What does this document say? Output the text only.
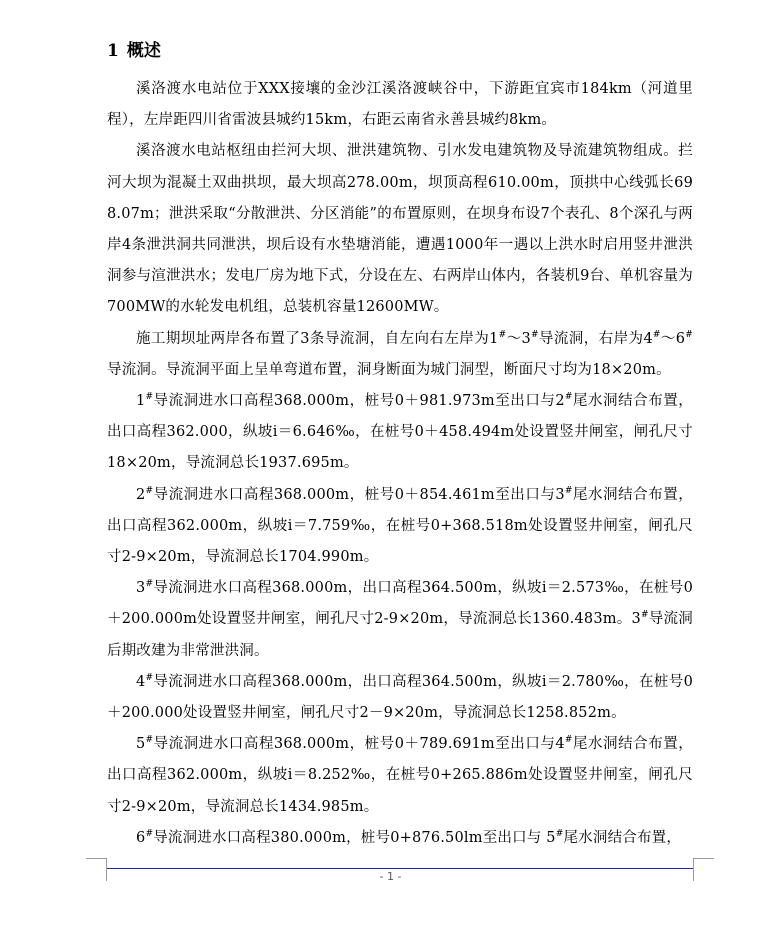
1 概述

溪洛渡水电站位于XXX接壤的金沙江溪洛渡峡谷中，下游距宜宾市184km（河道里程），左岸距四川省雷波县城约15km，右距云南省永善县城约8km。

溪洛渡水电站枢纽由拦河大坝、泄洪建筑物、引水发电建筑物及导流建筑物组成。拦河大坝为混凝土双曲拱坝，最大坝高278.00m，坝顶高程610.00m，顶拱中心线弧长698.07m；泄洪采取“分散泄洪、分区消能”的布置原则，在坝身布设7个表孔、8个深孔与两岸4条泄洪洞共同泄洪，坝后设有水垫塘消能，遭遇1000年一遇以上洪水时启用竖井泄洪洞参与渲泄洪水；发电厂房为地下式，分设在左、右两岸山体内，各装机9台、单机容量为700MW的水轮发电机组，总装机容量12600MW。

施工期坝址两岸各布置了3条导流洞，自左向右左岸为1#～3#导流洞，右岸为4#～6#导流洞。导流洞平面上呈单弯道布置，洞身断面为城门洞型，断面尺寸均为18×20m。

1#导流洞进水口高程368.000m，桩号0＋981.973m至出口与2#尾水洞结合布置，出口高程362.000，纵坡i＝6.646‰，在桩号0＋458.494m处设置竖井闸室，闸孔尺寸18×20m，导流洞总长1937.695m。

2#导流洞进水口高程368.000m，桩号0＋854.461m至出口与3#尾水洞结合布置，出口高程362.000m，纵坡i＝7.759‰，在桩号0+368.518m处设置竖井闸室，闸孔尺寸2-9×20m，导流洞总长1704.990m。

3#导流洞进水口高程368.000m，出口高程364.500m，纵坡i＝2.573‰，在桩号0＋200.000m处设置竖井闸室，闸孔尺寸2-9×20m，导流洞总长1360.483m。3#导流洞后期改建为非常泄洪洞。

4#导流洞进水口高程368.000m，出口高程364.500m，纵坡i＝2.780‰，在桩号0＋200.000处设置竖井闸室，闸孔尺寸2－9×20m，导流洞总长1258.852m。

5#导流洞进水口高程368.000m，桩号0＋789.691m至出口与4#尾水洞结合布置，出口高程362.000m，纵坡i＝8.252‰，在桩号0+265.886m处设置竖井闸室，闸孔尺寸2-9×20m，导流洞总长1434.985m。

6#导流洞进水口高程380.000m，桩号0+876.50lm至出口与 5#尾水洞结合布置，

- 1 -
